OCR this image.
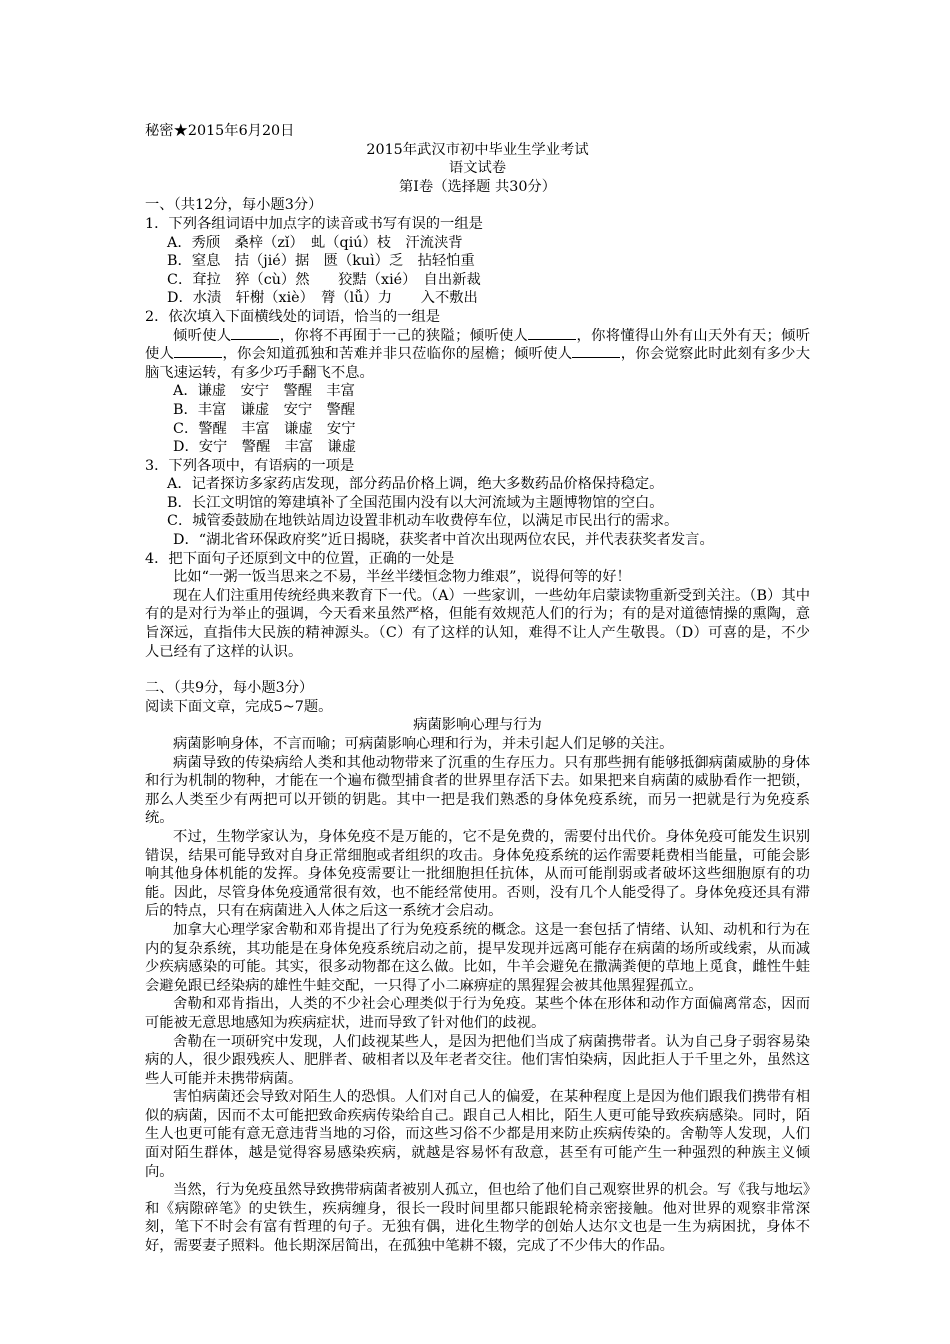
秘密★2015年6月20日
2015年武汉市初中毕业生学业考试
语文试卷
第Ⅰ卷（选择题 共30分）
一、（共12分，每小题3分）
1．下列各组词语中加点字的读音或书写有误的一组是
A．秀颀　桑梓（zǐ）　虬（qiú）枝　汗流浃背
B．窒息　拮（jié）据　匮（kuì）乏　拈轻怕重
C．耷拉　猝（cù）然　　狡黠（xié）　自出新裁
D．水渍　轩榭（xiè）　膂（lǚ）力　　入不敷出
2．依次填入下面横线处的词语，恰当的一组是
倾听使人	，你将不再囿于一己的狭隘；倾听使人	，你将懂得山外有山天外有天；倾听使人	，你会知道孤独和苦难并非只莅临你的屋檐；倾听使人	，你会觉察此时此刻有多少大脑飞速运转，有多少巧手翻飞不息。
A．谦虚　安宁　警醒　丰富
B．丰富　谦虚　安宁　警醒
C．警醒　丰富　谦虚　安宁
D．安宁　警醒　丰富　谦虚
3．下列各项中，有语病的一项是
A．记者探访多家药店发现，部分药品价格上调，绝大多数药品价格保持稳定。
B．长江文明馆的筹建填补了全国范围内没有以大河流域为主题博物馆的空白。
C．城管委鼓励在地铁站周边设置非机动车收费停车位，以满足市民出行的需求。
D．“湖北省环保政府奖”近日揭晓，获奖者中首次出现两位农民，并代表获奖者发言。
4．把下面句子还原到文中的位置，正确的一处是
比如“一粥一饭当思来之不易，半丝半缕恒念物力维艰”，说得何等的好！
现在人们注重用传统经典来教育下一代。（A）一些家训，一些幼年启蒙读物重新受到关注。（B）其中有的是对行为举止的强调，今天看来虽然严格，但能有效规范人们的行为；有的是对道德情操的熏陶，意旨深远，直指伟大民族的精神源头。（C）有了这样的认知，难得不让人产生敬畏。（D）可喜的是，不少人已经有了这样的认识。
二、（共9分，每小题3分）
阅读下面文章，完成5~7题。
病菌影响心理与行为
病菌影响身体，不言而喻；可病菌影响心理和行为，并未引起人们足够的关注。
病菌导致的传染病给人类和其他动物带来了沉重的生存压力。只有那些拥有能够抵御病菌威胁的身体和行为机制的物种，才能在一个遍布微型捕食者的世界里存活下去。如果把来自病菌的威胁看作一把锁，那么人类至少有两把可以开锁的钥匙。其中一把是我们熟悉的身体免疫系统，而另一把就是行为免疫系统。
不过，生物学家认为，身体免疫不是万能的，它不是免费的，需要付出代价。身体免疫可能发生识别错误，结果可能导致对自身正常细胞或者组织的攻击。身体免疫系统的运作需要耗费相当能量，可能会影响其他身体机能的发挥。身体免疫需要让一批细胞担任抗体，从而可能削弱或者破坏这些细胞原有的功能。因此，尽管身体免疫通常很有效，也不能经常使用。否则，没有几个人能受得了。身体免疫还具有滞后的特点，只有在病菌进入人体之后这一系统才会启动。
加拿大心理学家舍勒和邓肯提出了行为免疫系统的概念。这是一套包括了情绪、认知、动机和行为在内的复杂系统，其功能是在身体免疫系统启动之前，提早发现并远离可能存在病菌的场所或线索，从而减少疾病感染的可能。其实，很多动物都在这么做。比如，牛羊会避免在撒满粪便的草地上觅食，雌性牛蛙会避免跟已经染病的雄性牛蛙交配，一只得了小二麻痹症的黑猩猩会被其他黑猩猩孤立。
舍勒和邓肯指出，人类的不少社会心理类似于行为免疫。某些个体在形体和动作方面偏离常态，因而可能被无意思地感知为疾病症状，进而导致了针对他们的歧视。
舍勒在一项研究中发现，人们歧视某些人，是因为把他们当成了病菌携带者。认为自己身子弱容易染病的人，很少跟残疾人、肥胖者、破相者以及年老者交往。他们害怕染病，因此拒人于千里之外，虽然这些人可能并未携带病菌。
害怕病菌还会导致对陌生人的恐惧。人们对自己人的偏爱，在某种程度上是因为他们跟我们携带有相似的病菌，因而不太可能把致命疾病传染给自己。跟自己人相比，陌生人更可能导致疾病感染。同时，陌生人也更可能有意无意违背当地的习俗，而这些习俗不少都是用来防止疾病传染的。舍勒等人发现，人们面对陌生群体，越是觉得容易感染疾病，就越是容易怀有敌意，甚至有可能产生一种强烈的种族主义倾向。
当然，行为免疫虽然导致携带病菌者被别人孤立，但也给了他们自己观察世界的机会。写《我与地坛》和《病隙碎笔》的史铁生，疾病缠身，很长一段时间里都只能跟轮椅亲密接触。他对世界的观察非常深刻，笔下不时会有富有哲理的句子。无独有偶，进化生物学的创始人达尔文也是一生为病困扰，身体不好，需要妻子照料。他长期深居简出，在孤独中笔耕不辍，完成了不少伟大的作品。
